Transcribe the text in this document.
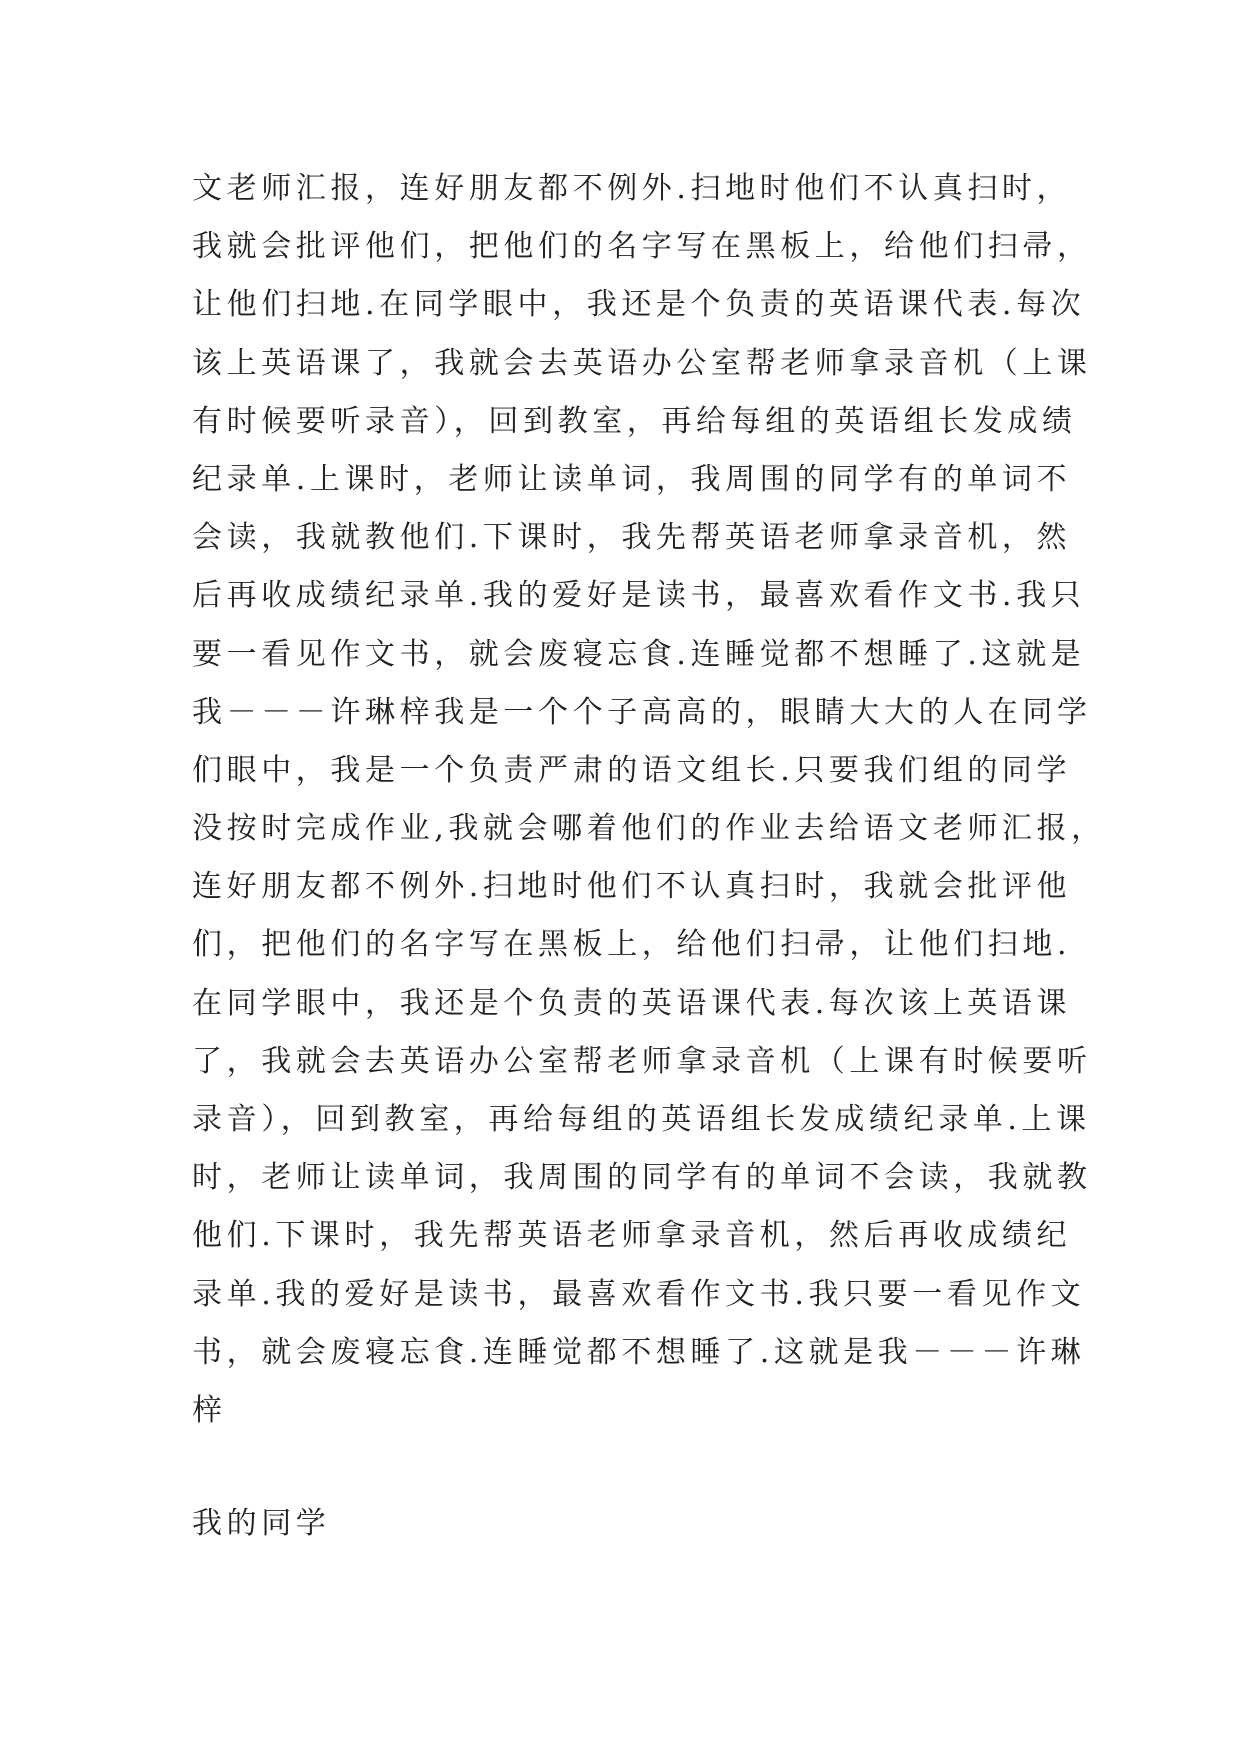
文老师汇报，连好朋友都不例外.扫地时他们不认真扫时，
我就会批评他们，把他们的名字写在黑板上，给他们扫帚，
让他们扫地.在同学眼中，我还是个负责的英语课代表.每次
该上英语课了，我就会去英语办公室帮老师拿录音机（上课
有时候要听录音），回到教室，再给每组的英语组长发成绩
纪录单.上课时，老师让读单词，我周围的同学有的单词不
会读，我就教他们.下课时，我先帮英语老师拿录音机，然
后再收成绩纪录单.我的爱好是读书，最喜欢看作文书.我只
要一看见作文书，就会废寝忘食.连睡觉都不想睡了.这就是
我－－－许琳梓我是一个个子高高的，眼睛大大的人在同学
们眼中，我是一个负责严肃的语文组长.只要我们组的同学
没按时完成作业,我就会哪着他们的作业去给语文老师汇报，
连好朋友都不例外.扫地时他们不认真扫时，我就会批评他
们，把他们的名字写在黑板上，给他们扫帚，让他们扫地.
在同学眼中，我还是个负责的英语课代表.每次该上英语课
了，我就会去英语办公室帮老师拿录音机（上课有时候要听
录音），回到教室，再给每组的英语组长发成绩纪录单.上课
时，老师让读单词，我周围的同学有的单词不会读，我就教
他们.下课时，我先帮英语老师拿录音机，然后再收成绩纪
录单.我的爱好是读书，最喜欢看作文书.我只要一看见作文
书，就会废寝忘食.连睡觉都不想睡了.这就是我－－－许琳
梓
我的同学
